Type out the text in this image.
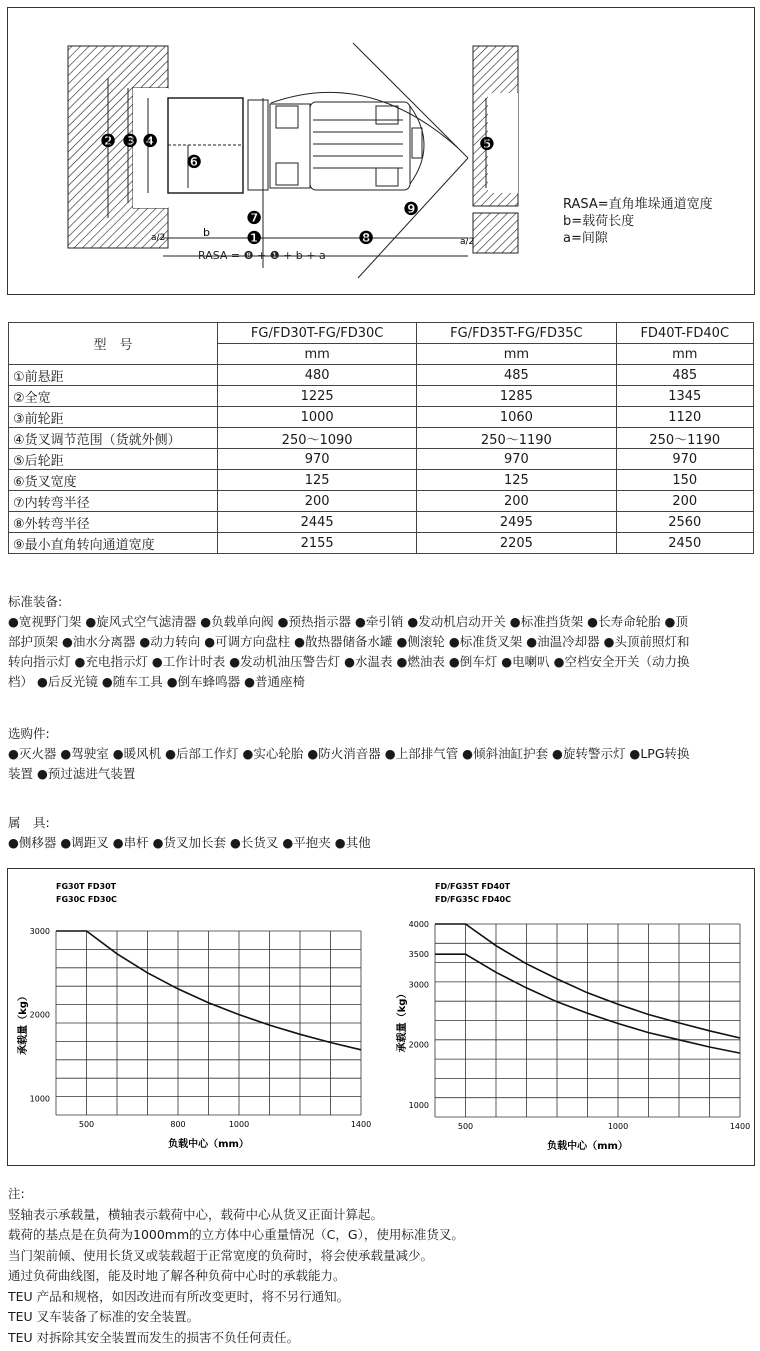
❷ ❸ ❹
❻
❺
❼
❶
❾
❽
a/2	a/2
b
RASA = ❽ + ❶ + b + a
RASA=直角堆垛通道宽度
b=载荷长度
a=间隙
型　号	FG/FD30T-FG/FD30C	FG/FD35T-FG/FD35C	FD40T-FD40C
	mm	mm	mm
①前悬距	480	485	485
②全宽	1225	1285	1345
③前轮距	1000	1060	1120
④货叉调节范围（货就外侧）	250～1090	250～1190	250～1190
⑤后轮距	970	970	970
⑥货叉宽度	125	125	150
⑦内转弯半径	200	200	200
⑧外转弯半径	2445	2495	2560
⑨最小直角转向通道宽度	2155	2205	2450
标准装备:
●宽视野门架 ●旋风式空气滤清器 ●负载单向阀 ●预热指示器 ●牵引销 ●发动机启动开关 ●标准挡货架 ●长寿命轮胎 ●顶
部护顶架 ●油水分离器 ●动力转向 ●可调方向盘柱 ●散热器储备水罐 ●侧滚轮 ●标准货叉架 ●油温冷却器 ●头顶前照灯和
转向指示灯 ●充电指示灯 ●工作计时表 ●发动机油压警告灯 ●水温表 ●燃油表 ●倒车灯 ●电喇叭 ●空档安全开关（动力换
档） ●后反光镜 ●随车工具 ●倒车蜂鸣器 ●普通座椅
选购件:
●灭火器 ●驾驶室 ●暖风机 ●后部工作灯 ●实心轮胎 ●防火消音器 ●上部排气管 ●倾斜油缸护套 ●旋转警示灯 ●LPG转换
装置 ●预过滤进气装置
属　具:
●侧移器 ●调距叉 ●串杆 ●货叉加长套 ●长货叉 ●平抱夹 ●其他
FG30T FD30T
FG30C FD30C
1000
2000
3000
500	800	1000	1400
负载中心（mm）
承载量（kg）
FD/FG35T FD40T
FD/FG35C FD40C
1000
2000
3000
3500
4000
500	1000	1400
负载中心（mm）
承载量（kg）
注:
竖轴表示承载量，横轴表示载荷中心，载荷中心从货叉正面计算起。
载荷的基点是在负荷为1000mm的立方体中心重量情况（C，G），使用标准货叉。
当门架前倾、使用长货叉或装载超于正常宽度的负荷时，将会使承载量减少。
通过负荷曲线图，能及时地了解各种负荷中心时的承载能力。
TEU 产品和规格，如因改进而有所改变更时，将不另行通知。
TEU 叉车装备了标准的安全装置。
TEU 对拆除其安全装置而发生的损害不负任何责任。
